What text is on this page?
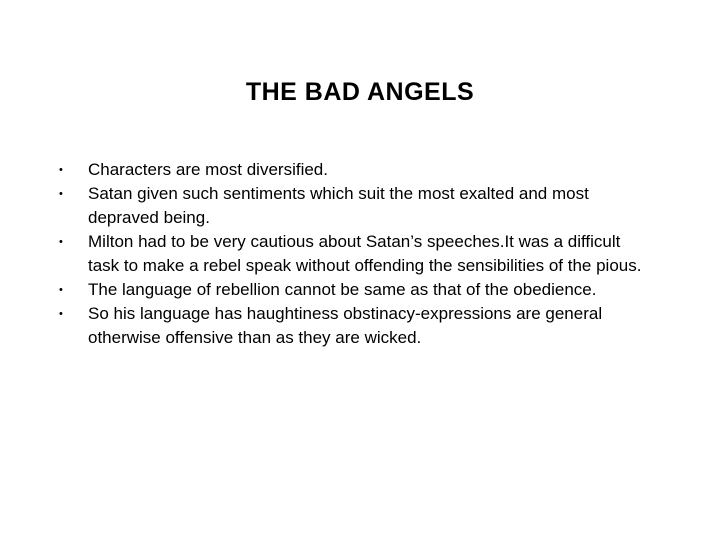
THE BAD ANGELS
•	Characters are most diversified.
•	Satan given such sentiments which suit the most exalted and most depraved being.
•	Milton had to be very cautious about Satan’s speeches.It was a difficult task to make a rebel speak without offending the sensibilities of the pious.
•	The language of rebellion cannot be same as that of the obedience.
•	So his language has haughtiness obstinacy-expressions are general otherwise offensive than as they are wicked.
